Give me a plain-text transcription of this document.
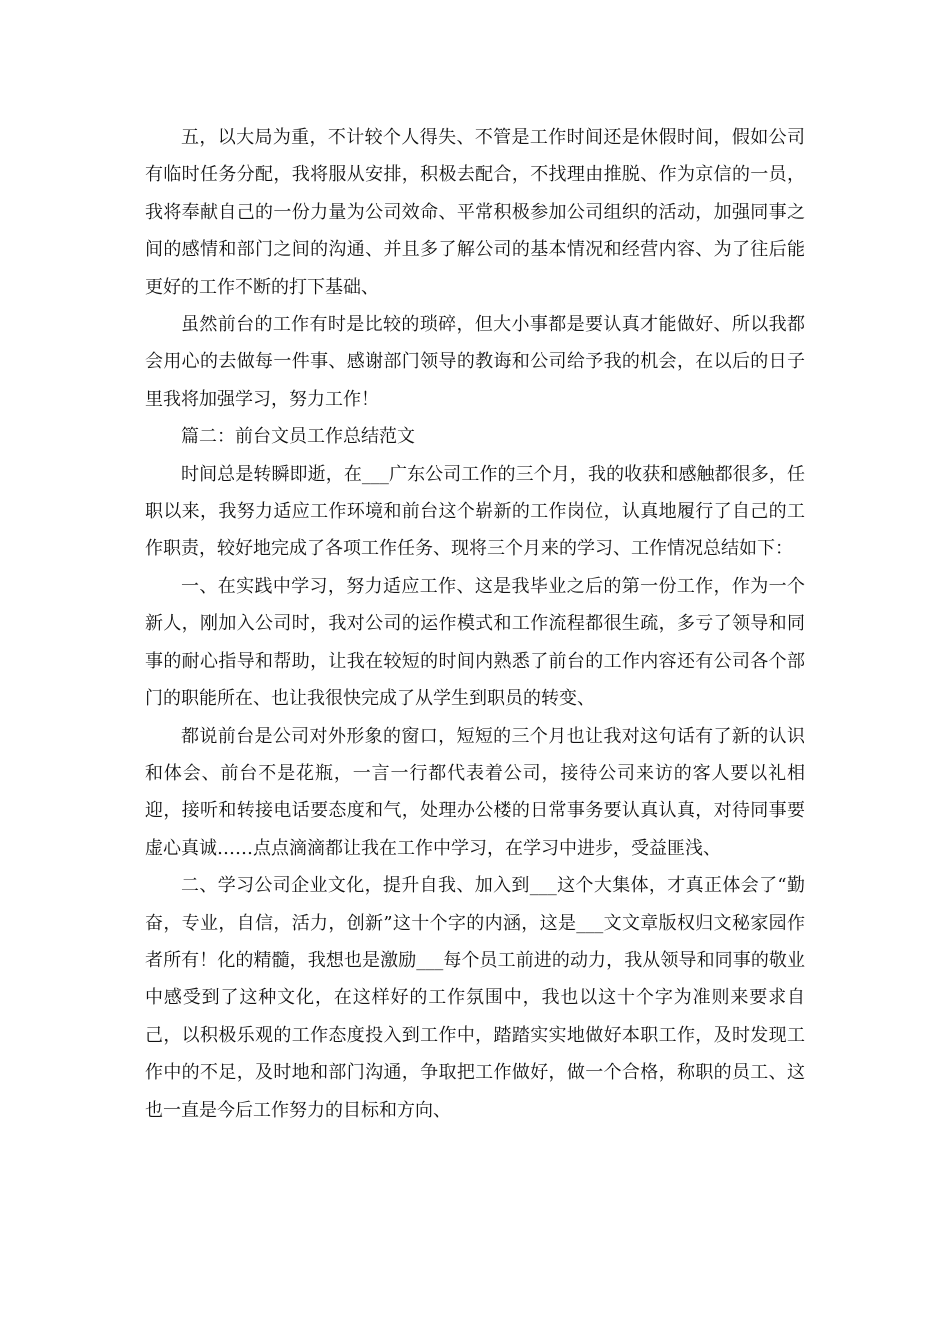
五，以大局为重，不计较个人得失、不管是工作时间还是休假时间，假如公司有临时任务分配，我将服从安排，积极去配合，不找理由推脱、作为京信的一员，我将奉献自己的一份力量为公司效命、平常积极参加公司组织的活动，加强同事之间的感情和部门之间的沟通、并且多了解公司的基本情况和经营内容、为了往后能更好的工作不断的打下基础、

虽然前台的工作有时是比较的琐碎，但大小事都是要认真才能做好、所以我都会用心的去做每一件事、感谢部门领导的教诲和公司给予我的机会，在以后的日子里我将加强学习，努力工作！

篇二：前台文员工作总结范文

时间总是转瞬即逝，在___广东公司工作的三个月，我的收获和感触都很多，任职以来，我努力适应工作环境和前台这个崭新的工作岗位，认真地履行了自己的工作职责，较好地完成了各项工作任务、现将三个月来的学习、工作情况总结如下：

一、在实践中学习，努力适应工作、这是我毕业之后的第一份工作，作为一个新人，刚加入公司时，我对公司的运作模式和工作流程都很生疏，多亏了领导和同事的耐心指导和帮助，让我在较短的时间内熟悉了前台的工作内容还有公司各个部门的职能所在、也让我很快完成了从学生到职员的转变、

都说前台是公司对外形象的窗口，短短的三个月也让我对这句话有了新的认识和体会、前台不是花瓶，一言一行都代表着公司，接待公司来访的客人要以礼相迎，接听和转接电话要态度和气，处理办公楼的日常事务要认真认真，对待同事要虚心真诚……点点滴滴都让我在工作中学习，在学习中进步，受益匪浅、

二、学习公司企业文化，提升自我、加入到___这个大集体，才真正体会了“勤奋，专业，自信，活力，创新”这十个字的内涵，这是___文文章版权归文秘家园作者所有！化的精髓，我想也是激励___每个员工前进的动力，我从领导和同事的敬业中感受到了这种文化，在这样好的工作氛围中，我也以这十个字为准则来要求自己，以积极乐观的工作态度投入到工作中，踏踏实实地做好本职工作，及时发现工作中的不足，及时地和部门沟通，争取把工作做好，做一个合格，称职的员工、这也一直是今后工作努力的目标和方向、
